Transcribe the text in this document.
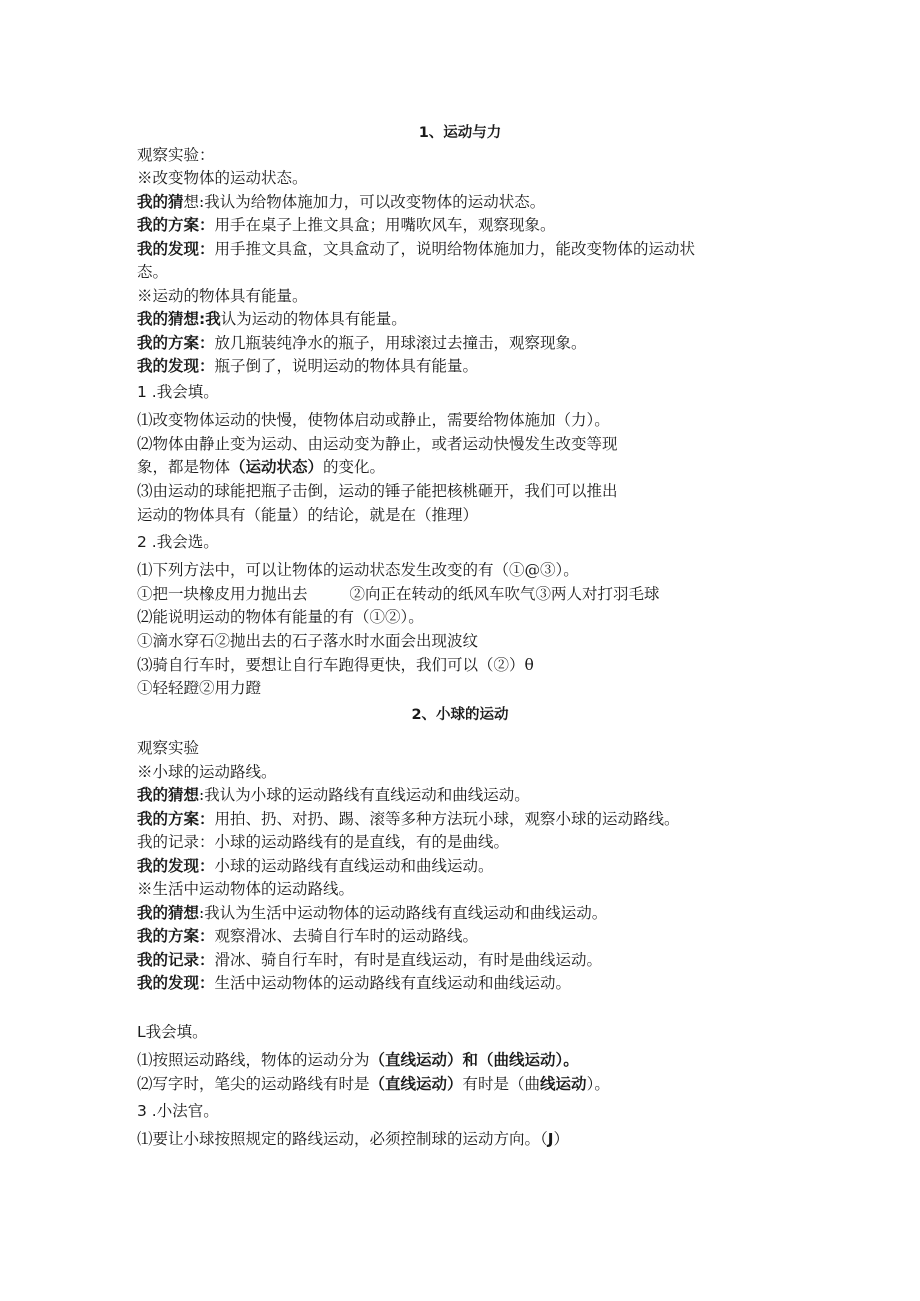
1、运动与力
观察实验：
※改变物体的运动状态。
我的猜想:我认为给物体施加力，可以改变物体的运动状态。
我的方案：用手在桌子上推文具盒；用嘴吹风车，观察现象。
我的发现：用手推文具盒，文具盒动了，说明给物体施加力，能改变物体的运动状
态。
※运动的物体具有能量。
我的猜想:我认为运动的物体具有能量。
我的方案：放几瓶装纯净水的瓶子，用球滚过去撞击，观察现象。
我的发现：瓶子倒了，说明运动的物体具有能量。
1 .我会填。
⑴改变物体运动的快慢，使物体启动或静止，需要给物体施加（力）。
⑵物体由静止变为运动、由运动变为静止，或者运动快慢发生改变等现
象，都是物体（运动状态）的变化。
⑶由运动的球能把瓶子击倒，运动的锤子能把核桃砸开，我们可以推出
运动的物体具有（能量）的结论，就是在（推理）
2 .我会选。
⑴下列方法中，可以让物体的运动状态发生改变的有（①@③）。
①把一块橡皮用力抛出去	②向正在转动的纸风车吹气③两人对打羽毛球
⑵能说明运动的物体有能量的有（①②）。
①滴水穿石②抛出去的石子落水时水面会出现波纹
⑶骑自行车时，要想让自行车跑得更快，我们可以（②）θ
①轻轻蹬②用力蹬
2、小球的运动
观察实验
※小球的运动路线。
我的猜想:我认为小球的运动路线有直线运动和曲线运动。
我的方案：用拍、扔、对扔、踢、滚等多种方法玩小球，观察小球的运动路线。
我的记录：小球的运动路线有的是直线，有的是曲线。
我的发现：小球的运动路线有直线运动和曲线运动。
※生活中运动物体的运动路线。
我的猜想:我认为生活中运动物体的运动路线有直线运动和曲线运动。
我的方案：观察滑冰、去骑自行车时的运动路线。
我的记录：滑冰、骑自行车时，有时是直线运动，有时是曲线运动。
我的发现：生活中运动物体的运动路线有直线运动和曲线运动。
L我会填。
⑴按照运动路线，物体的运动分为（直线运动）和（曲线运动）。
⑵写字时，笔尖的运动路线有时是（直线运动）有时是（曲线运动）。
3 .小法官。
⑴要让小球按照规定的路线运动，必须控制球的运动方向。（J）
